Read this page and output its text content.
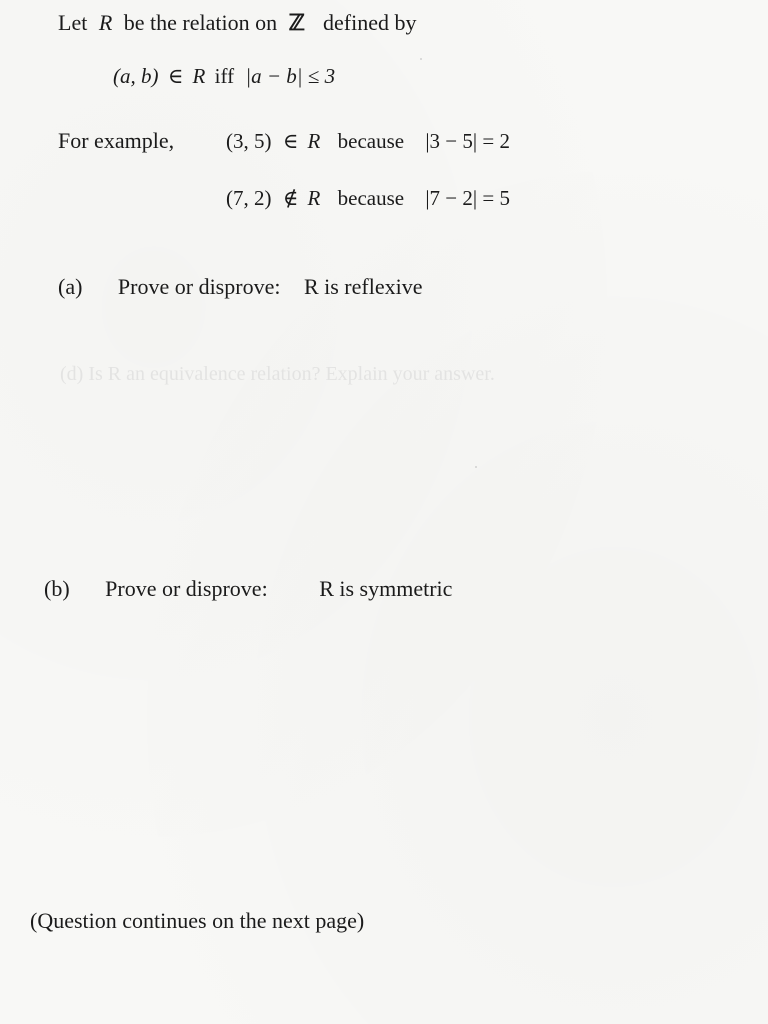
Let R be the relation on ℤ defined by
(a, b) ∈ R iff |a − b| ≤ 3
For example, (3, 5) ∈ R because |3 − 5| = 2
(7, 2) ∉ R because |7 − 2| = 5
(a) Prove or disprove: R is reflexive
(d) Is R an equivalence relation? Explain your answer.
(b) Prove or disprove: R is symmetric
(Question continues on the next page)
